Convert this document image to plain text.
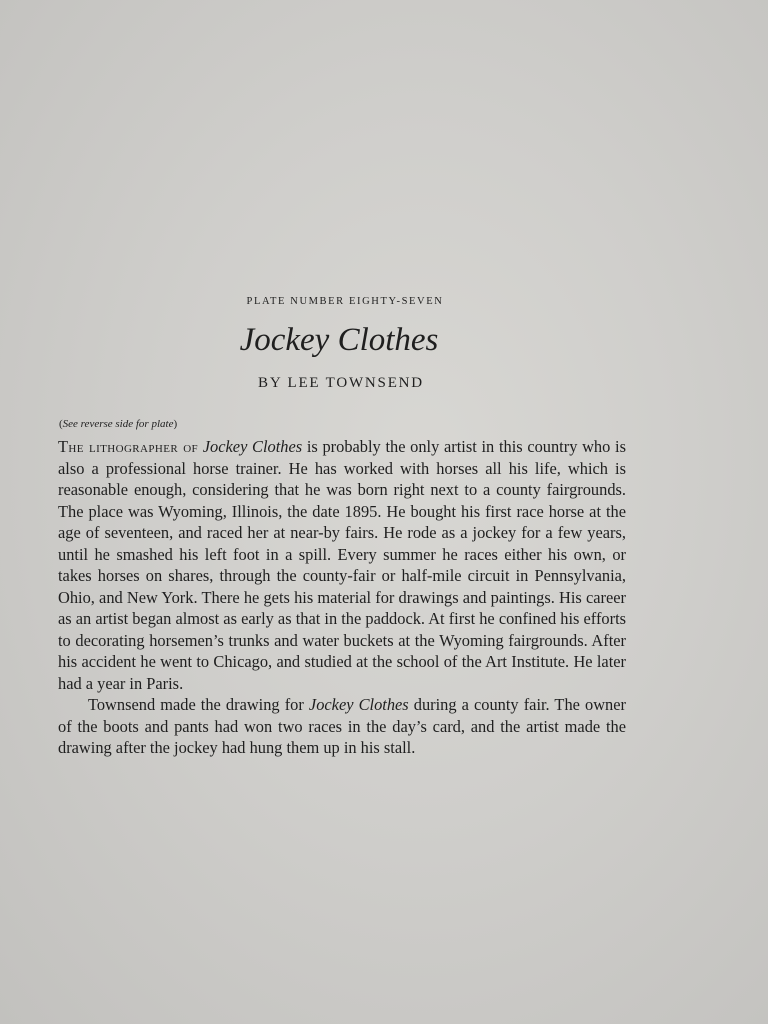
PLATE NUMBER EIGHTY-SEVEN
Jockey Clothes
BY LEE TOWNSEND
(See reverse side for plate)

The lithographer of Jockey Clothes is probably the only artist in this country who is also a professional horse trainer. He has worked with horses all his life, which is reasonable enough, considering that he was born right next to a county fairgrounds. The place was Wyoming, Illinois, the date 1895. He bought his first race horse at the age of seventeen, and raced her at near-by fairs. He rode as a jockey for a few years, until he smashed his left foot in a spill. Every summer he races either his own, or takes horses on shares, through the county-fair or half-mile circuit in Pennsylvania, Ohio, and New York. There he gets his material for drawings and paintings. His career as an artist began almost as early as that in the paddock. At first he confined his efforts to decorating horsemen’s trunks and water buckets at the Wyoming fairgrounds. After his accident he went to Chicago, and studied at the school of the Art Institute. He later had a year in Paris.

Townsend made the drawing for Jockey Clothes during a county fair. The owner of the boots and pants had won two races in the day’s card, and the artist made the drawing after the jockey had hung them up in his stall.
